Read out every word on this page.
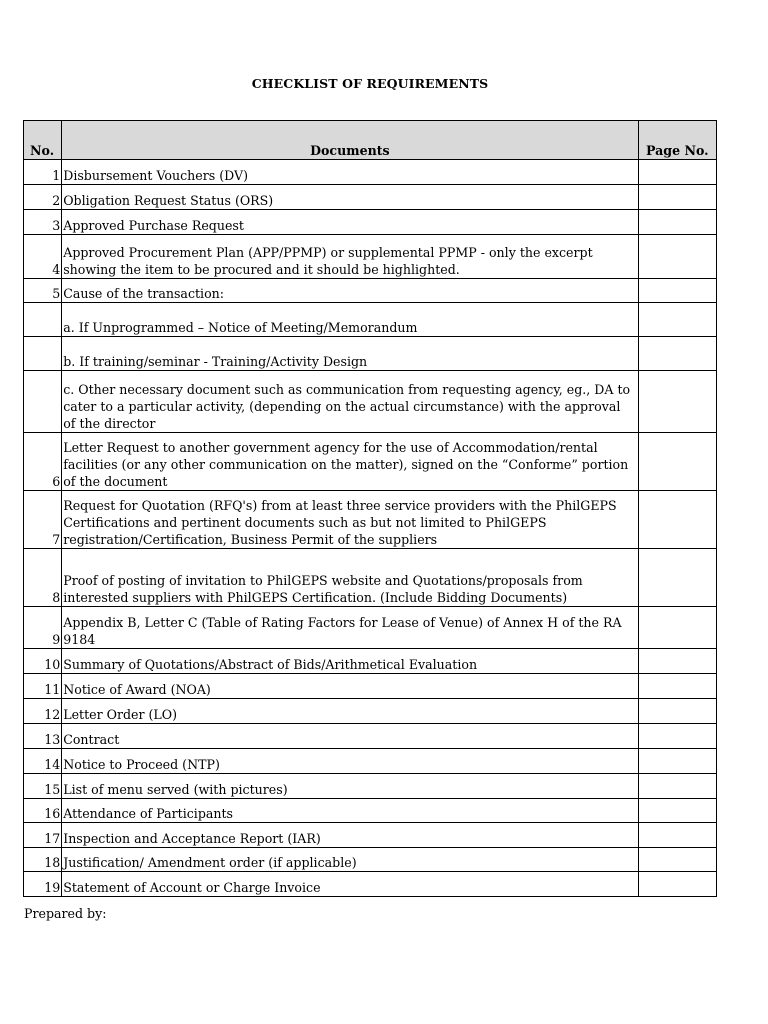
CHECKLIST OF REQUIREMENTS
No.	Documents	Page No.
1	Disbursement Vouchers (DV)	
2	Obligation Request Status (ORS)	
3	Approved Purchase Request	
4	Approved Procurement Plan (APP/PPMP) or supplemental PPMP - only the excerpt showing the item to be procured and it should be highlighted.	
5	Cause of the transaction:	
	a. If Unprogrammed – Notice of Meeting/Memorandum	
	b. If training/seminar - Training/Activity Design	
	c. Other necessary document such as communication from requesting agency, eg., DA to cater to a particular activity, (depending on the actual circumstance) with the approval of the director	
6	Letter Request to another government agency for the use of Accommodation/rental facilities (or any other communication on the matter), signed on the “Conforme” portion of the document	
7	Request for Quotation (RFQ's) from at least three service providers with the PhilGEPS Certifications and pertinent documents such as but not limited to PhilGEPS registration/Certification, Business Permit of the suppliers	
8	Proof of posting of invitation to PhilGEPS website and Quotations/proposals from interested suppliers with PhilGEPS Certification. (Include Bidding Documents)	
9	Appendix B, Letter C (Table of Rating Factors for Lease of Venue) of Annex H of the RA 9184	
10	Summary of Quotations/Abstract of Bids/Arithmetical Evaluation	
11	Notice of Award (NOA)	
12	Letter Order (LO)	
13	Contract	
14	Notice to Proceed (NTP)	
15	List of menu served (with pictures)	
16	Attendance of Participants	
17	Inspection and Acceptance Report (IAR)	
18	Justification/ Amendment order (if applicable)	
19	Statement of Account or Charge Invoice	
Prepared by:
